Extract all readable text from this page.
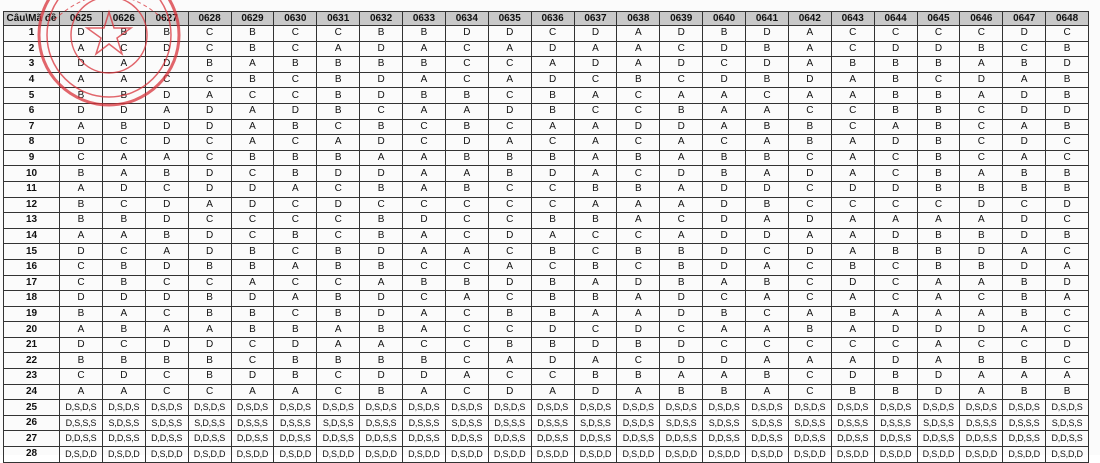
Câu\Mã đề	0625	0626	0627	0628	0629	0630	0631	0632	0633	0634	0635	0636	0637	0638	0639	0640	0641	0642	0643	0644	0645	0646	0647	0648
1	D	B	B	C	B	C	C	B	B	D	D	C	D	A	D	B	D	A	C	C	C	C	D	C
2	A	C	D	C	B	C	A	D	A	C	A	D	A	A	C	D	B	A	C	D	D	B	C	B
3	D	A	D	B	A	B	B	B	B	C	C	A	D	A	D	C	D	A	B	B	B	A	B	D
4	A	A	C	C	B	C	B	D	A	C	A	D	C	B	C	D	B	D	A	B	C	D	A	B
5	B	B	D	A	C	C	B	D	B	B	C	B	A	C	A	A	C	A	A	B	B	A	D	B
6	D	D	A	D	A	D	B	C	A	A	D	B	C	C	B	A	A	C	C	B	B	C	D	D
7	A	B	D	D	A	B	C	B	C	B	C	A	A	D	D	A	B	B	C	A	B	C	A	B
8	D	C	D	C	A	C	A	D	C	D	A	C	A	C	A	C	A	B	A	D	B	C	D	C
9	C	A	A	C	B	B	B	A	A	B	B	B	A	B	A	B	B	C	A	C	B	C	A	C
10	B	A	B	D	C	B	D	D	A	A	B	D	A	C	D	B	A	D	A	C	B	A	B	B
11	A	D	C	D	D	A	C	B	A	B	C	C	B	B	A	D	D	C	D	D	B	B	B	B
12	B	C	D	A	D	C	D	C	C	C	C	C	A	A	A	D	B	C	C	C	C	D	C	D
13	B	B	D	C	C	C	C	B	D	C	C	B	B	A	C	D	A	D	A	A	A	A	D	C
14	A	A	B	D	C	B	C	B	A	C	D	A	C	C	A	D	D	A	A	D	B	B	D	B
15	D	C	A	D	B	C	B	D	A	A	C	B	C	B	B	D	C	D	A	B	B	D	A	C
16	C	B	D	B	B	A	B	B	C	C	A	C	B	C	B	D	A	C	B	C	B	B	D	A
17	C	B	C	C	A	C	C	A	B	B	D	B	A	D	B	A	B	C	D	C	A	A	B	D
18	D	D	D	B	D	A	B	D	C	A	C	B	B	A	D	C	A	C	A	C	A	C	B	A
19	B	A	C	B	B	C	B	D	A	C	B	B	A	A	D	B	C	A	B	A	A	A	B	C
20	A	B	A	A	B	B	A	B	A	C	C	D	C	D	C	A	A	B	A	D	D	D	A	C
21	D	C	D	D	C	D	A	A	C	C	B	B	D	B	D	C	C	C	C	C	A	C	C	D
22	B	B	B	B	C	B	B	B	B	C	A	D	A	C	D	D	A	A	A	D	A	B	B	C
23	C	D	C	B	D	B	C	D	D	A	C	C	B	B	A	A	B	C	D	B	D	A	A	A
24	A	A	C	C	A	A	C	B	A	C	D	A	D	A	B	B	A	C	B	B	D	A	B	B
25	D,S,D,S	D,S,D,S	D,S,D,S	D,S,D,S	D,S,D,S	D,S,D,S	D,S,D,S	D,S,D,S	D,S,D,S	D,S,D,S	D,S,D,S	D,S,D,S	D,S,D,S	D,S,D,S	D,S,D,S	D,S,D,S	D,S,D,S	D,S,D,S	D,S,D,S	D,S,D,S	D,S,D,S	D,S,D,S	D,S,D,S	D,S,D,S
26	D,S,S,S	S,D,S,S	S,D,S,S	S,D,S,S	D,S,S,S	D,S,S,S	S,D,S,S	D,S,S,S	D,S,S,S	S,D,S,S	D,S,S,S	D,S,S,S	S,D,S,S	D,S,D,S	S,D,S,S	S,D,S,S	S,D,S,S	S,D,S,S	D,S,S,S	D,S,S,S	S,D,S,S	D,S,S,S	D,S,S,S	S,D,S,S
27	D,D,S,S	D,D,S,S	D,D,S,S	D,D,S,S	D,D,S,S	D,D,S,S	D,D,S,S	D,D,S,S	D,D,S,S	D,D,S,S	D,D,S,S	D,D,S,S	D,D,S,S	D,D,S,S	D,D,S,S	D,D,S,S	D,D,S,S	D,D,S,S	D,D,S,S	D,D,S,S	D,D,S,S	D,D,S,S	D,D,S,S	D,D,S,S
28	D,S,D,D	D,S,D,D	D,S,D,D	D,S,D,D	D,S,D,D	D,S,D,D	D,S,D,D	D,S,D,D	D,S,D,D	D,S,D,D	D,S,D,D	D,S,D,D	D,S,D,D	D,S,D,D	D,S,D,D	D,S,D,D	D,S,D,D	D,S,D,D	D,S,D,D	D,S,D,D	D,S,D,D	D,S,D,D	D,S,D,D	D,S,D,D
